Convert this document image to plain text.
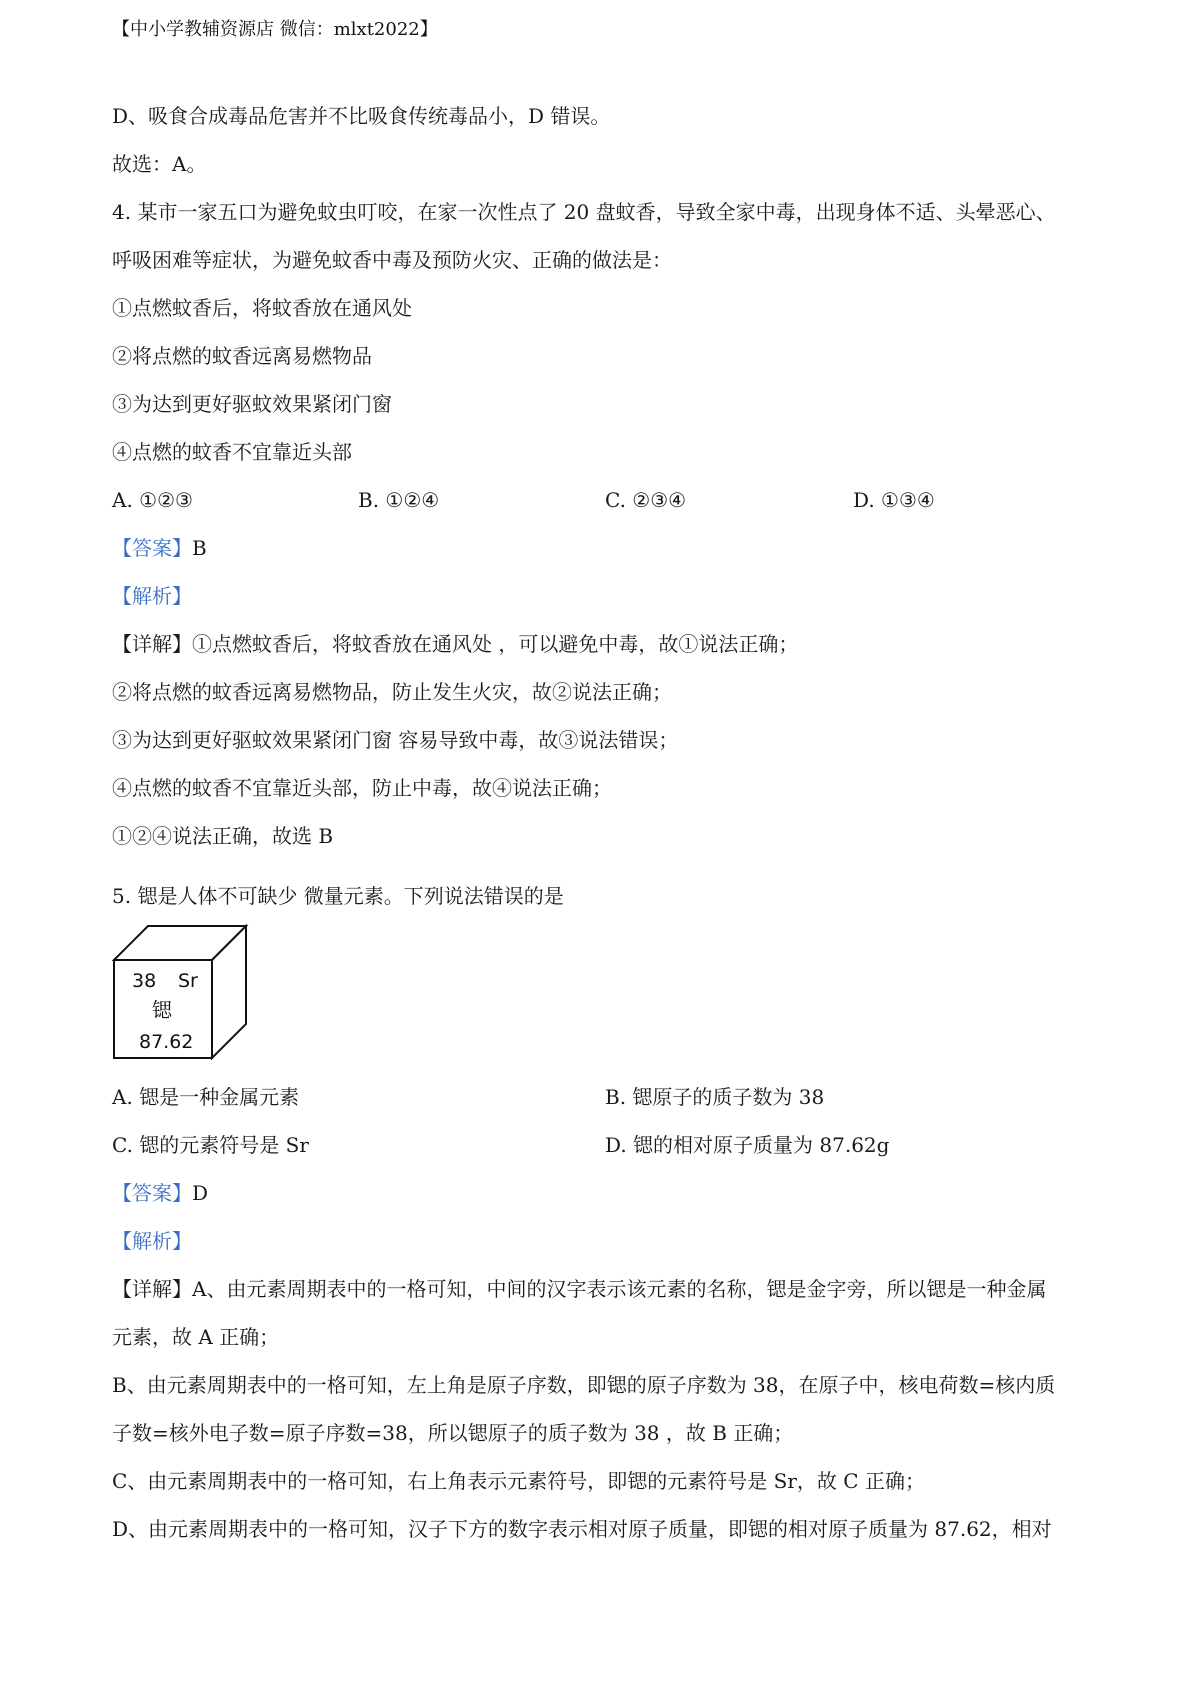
【中小学教辅资源店 微信：mlxt2022】
D、吸食合成毒品危害并不比吸食传统毒品小，D 错误。
故选：A。
4. 某市一家五口为避免蚊虫叮咬，在家一次性点了 20 盘蚊香，导致全家中毒，出现身体不适、头晕恶心、
呼吸困难等症状，为避免蚊香中毒及预防火灾、正确的做法是：
①点燃蚊香后，将蚊香放在通风处
②将点燃的蚊香远离易燃物品
③为达到更好驱蚊效果紧闭门窗
④点燃的蚊香不宜靠近头部
A. ①②③	B. ①②④	C. ②③④	D. ①③④
【答案】B
【解析】
【详解】①点燃蚊香后，将蚊香放在通风处 ，可以避免中毒，故①说法正确；
②将点燃的蚊香远离易燃物品，防止发生火灾，故②说法正确；
③为达到更好驱蚊效果紧闭门窗 容易导致中毒，故③说法错误；
④点燃的蚊香不宜靠近头部，防止中毒，故④说法正确；
①②④说法正确，故选 B
5. 锶是人体不可缺少 微量元素。下列说法错误的是
38 Sr
锶
87.62
A. 锶是一种金属元素	B. 锶原子的质子数为 38
C. 锶的元素符号是 Sr	D. 锶的相对原子质量为 87.62g
【答案】D
【解析】
【详解】A、由元素周期表中的一格可知，中间的汉字表示该元素的名称，锶是金字旁，所以锶是一种金属
元素，故 A 正确；
B、由元素周期表中的一格可知，左上角是原子序数，即锶的原子序数为 38，在原子中，核电荷数=核内质
子数=核外电子数=原子序数=38，所以锶原子的质子数为 38 ，故 B 正确；
C、由元素周期表中的一格可知，右上角表示元素符号，即锶的元素符号是 Sr，故 C 正确；
D、由元素周期表中的一格可知，汉子下方的数字表示相对原子质量，即锶的相对原子质量为 87.62，相对
